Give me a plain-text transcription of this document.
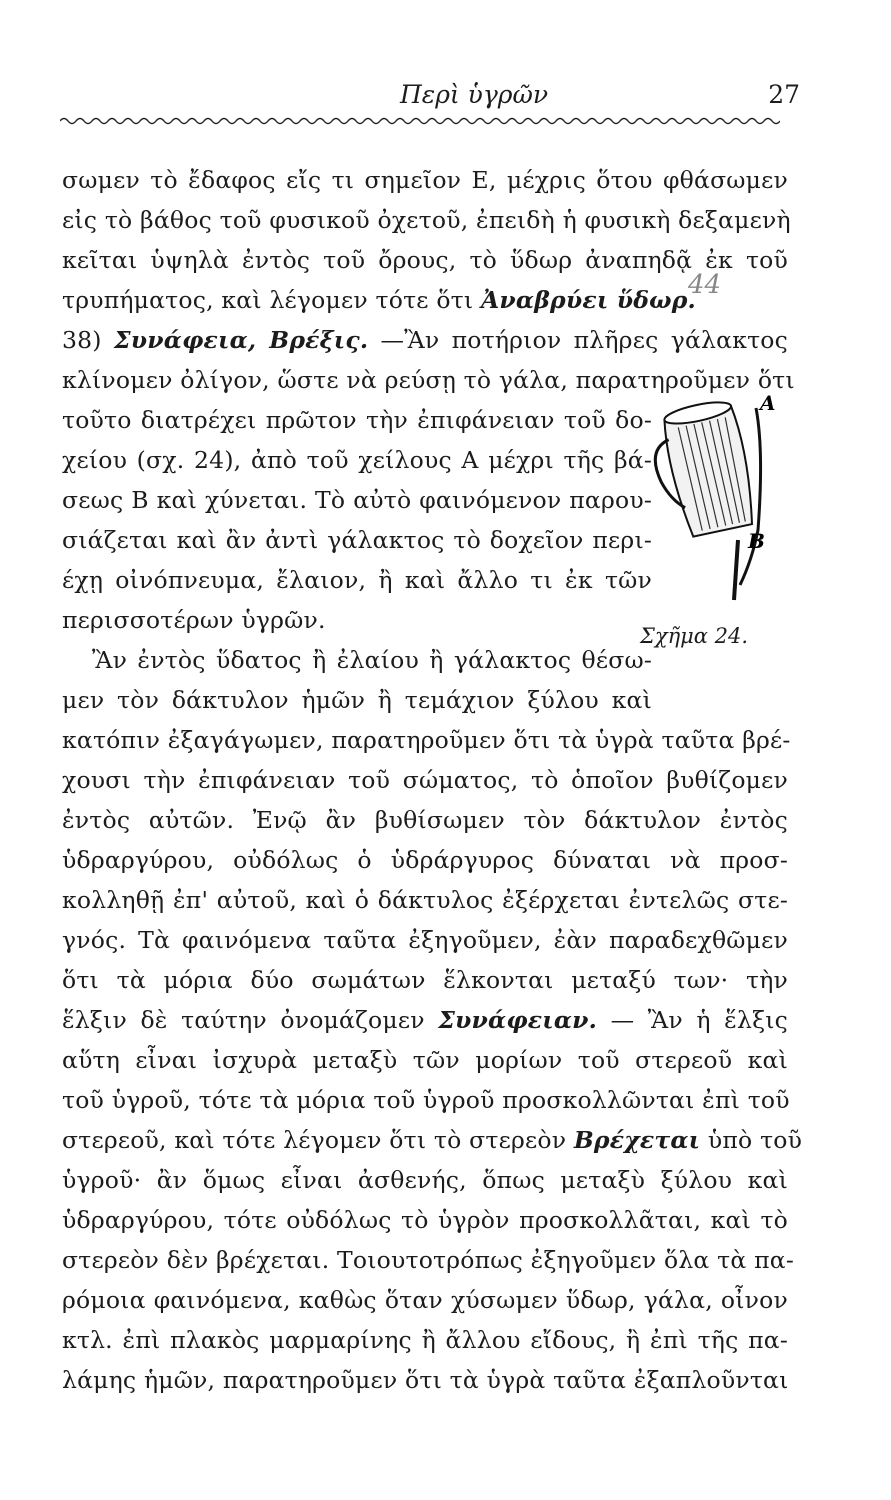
Περὶ ὑγρῶν	27
σωμεν τὸ ἔδαφος εἴς τι σημεῖον Ε, μέχρις ὅτου φθάσωμεν
εἰς τὸ βάθος τοῦ φυσικοῦ ὀχετοῦ, ἐπειδὴ ἡ φυσικὴ δεξαμενὴ
κεῖται ὑψηλὰ ἐντὸς τοῦ ὄρους, τὸ ὕδωρ ἀναπηδᾷ ἐκ τοῦ
τρυπήματος, καὶ λέγομεν τότε ὅτι Ἀναβρύει ὕδωρ.
38) Συνάφεια, Βρέξις. —Ἂν ποτήριον πλῆρες γάλακτος
κλίνομεν ὀλίγον, ὥστε νὰ ρεύσῃ τὸ γάλα, παρατηροῦμεν ὅτι
τοῦτο διατρέχει πρῶτον τὴν ἐπιφάνειαν τοῦ δο-
χείου (σχ. 24), ἀπὸ τοῦ χείλους Α μέχρι τῆς βά-
σεως Β καὶ χύνεται. Τὸ αὐτὸ φαινόμενον παρου-
σιάζεται καὶ ἂν ἀντὶ γάλακτος τὸ δοχεῖον περι-
έχῃ οἰνόπνευμα, ἔλαιον, ἢ καὶ ἄλλο τι ἐκ τῶν
περισσοτέρων ὑγρῶν.
Ἂν ἐντὸς ὕδατος ἢ ἐλαίου ἢ γάλακτος θέσω-
μεν τὸν δάκτυλον ἡμῶν ἢ τεμάχιον ξύλου καὶ
κατόπιν ἐξαγάγωμεν, παρατηροῦμεν ὅτι τὰ ὑγρὰ ταῦτα βρέ-
χουσι τὴν ἐπιφάνειαν τοῦ σώματος, τὸ ὁποῖον βυθίζομεν
ἐντὸς αὐτῶν. Ἐνῷ ἂν βυθίσωμεν τὸν δάκτυλον ἐντὸς
ὑδραργύρου, οὐδόλως ὁ ὑδράργυρος δύναται νὰ προσ-
κολληθῇ ἐπ' αὐτοῦ, καὶ ὁ δάκτυλος ἐξέρχεται ἐντελῶς στε-
γνός. Τὰ φαινόμενα ταῦτα ἐξηγοῦμεν, ἐὰν παραδεχθῶμεν
ὅτι τὰ μόρια δύο σωμάτων ἕλκονται μεταξύ των· τὴν
ἕλξιν δὲ ταύτην ὀνομάζομεν Συνάφειαν. — Ἂν ἡ ἕλξις
αὕτη εἶναι ἰσχυρὰ μεταξὺ τῶν μορίων τοῦ στερεοῦ καὶ
τοῦ ὑγροῦ, τότε τὰ μόρια τοῦ ὑγροῦ προσκολλῶνται ἐπὶ τοῦ
στερεοῦ, καὶ τότε λέγομεν ὅτι τὸ στερεὸν Βρέχεται ὑπὸ τοῦ
ὑγροῦ· ἂν ὅμως εἶναι ἀσθενής, ὅπως μεταξὺ ξύλου καὶ
ὑδραργύρου, τότε οὐδόλως τὸ ὑγρὸν προσκολλᾶται, καὶ τὸ
στερεὸν δὲν βρέχεται. Τοιουτοτρόπως ἐξηγοῦμεν ὅλα τὰ πα-
ρόμοια φαινόμενα, καθὼς ὅταν χύσωμεν ὕδωρ, γάλα, οἶνον
κτλ. ἐπὶ πλακὸς μαρμαρίνης ἢ ἄλλου εἴδους, ἢ ἐπὶ τῆς πα-
λάμης ἡμῶν, παρατηροῦμεν ὅτι τὰ ὑγρὰ ταῦτα ἐξαπλοῦνται
44
Α
Β
Σχῆμα 24.
